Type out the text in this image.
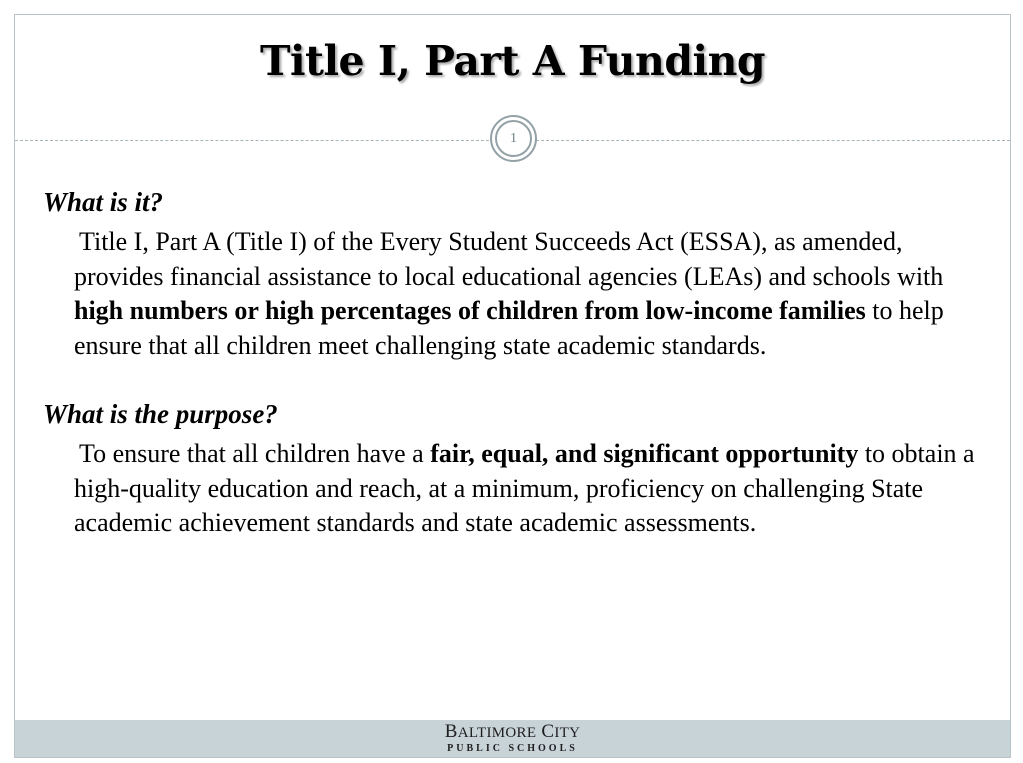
Title I, Part A Funding
1

What is it?

Title I, Part A (Title I) of the Every Student Succeeds Act (ESSA), as amended, provides financial assistance to local educational agencies (LEAs) and schools with high numbers or high percentages of children from low-income families to help ensure that all children meet challenging state academic standards.

What is the purpose?

To ensure that all children have a fair, equal, and significant opportunity to obtain a high-quality education and reach, at a minimum, proficiency on challenging State academic achievement standards and state academic assessments.

BALTIMORE CITY
PUBLIC SCHOOLS
